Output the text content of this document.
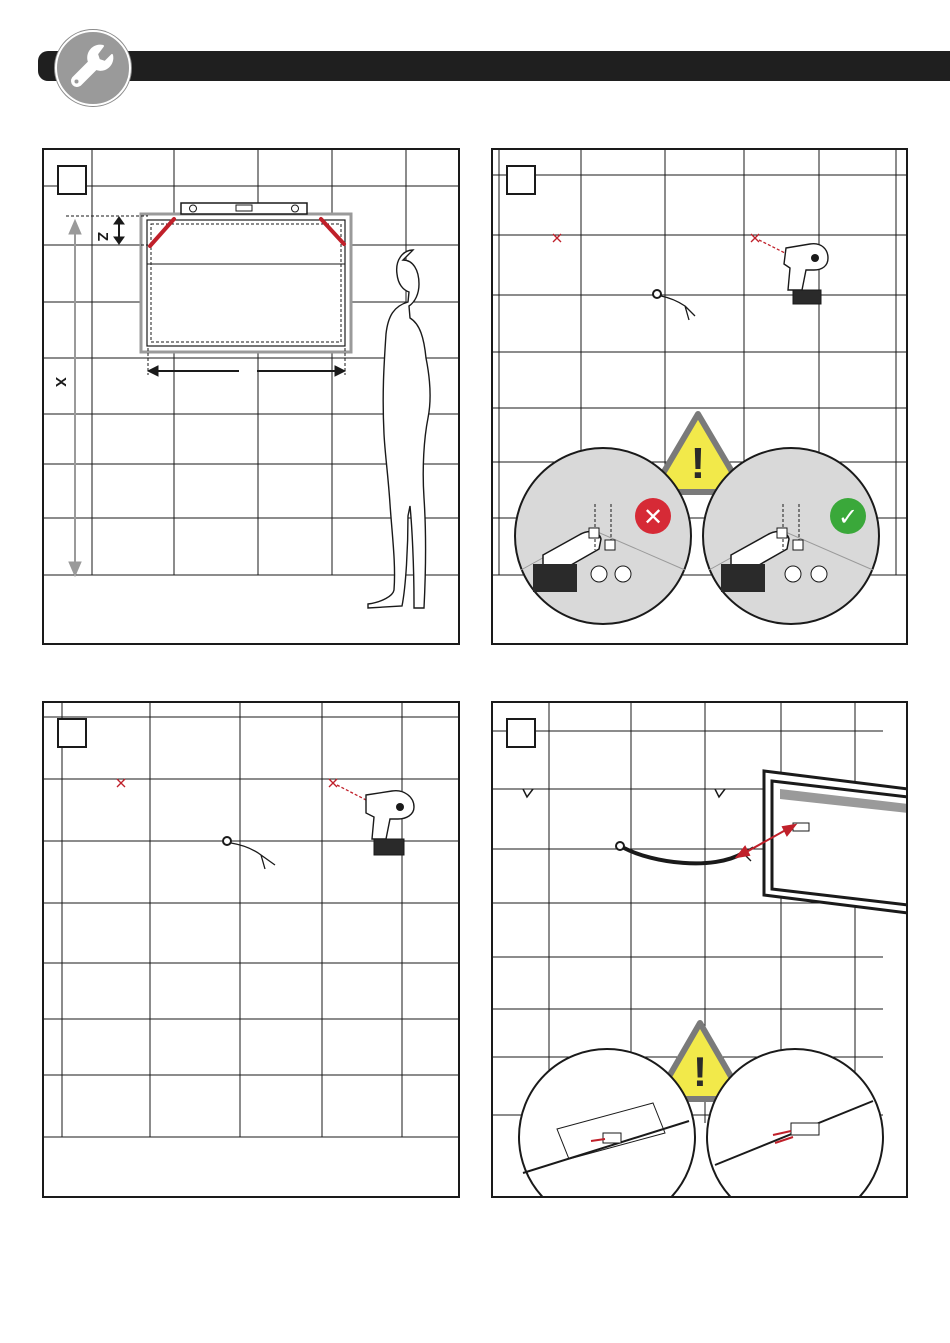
Z
X
✕	✓
!
!
